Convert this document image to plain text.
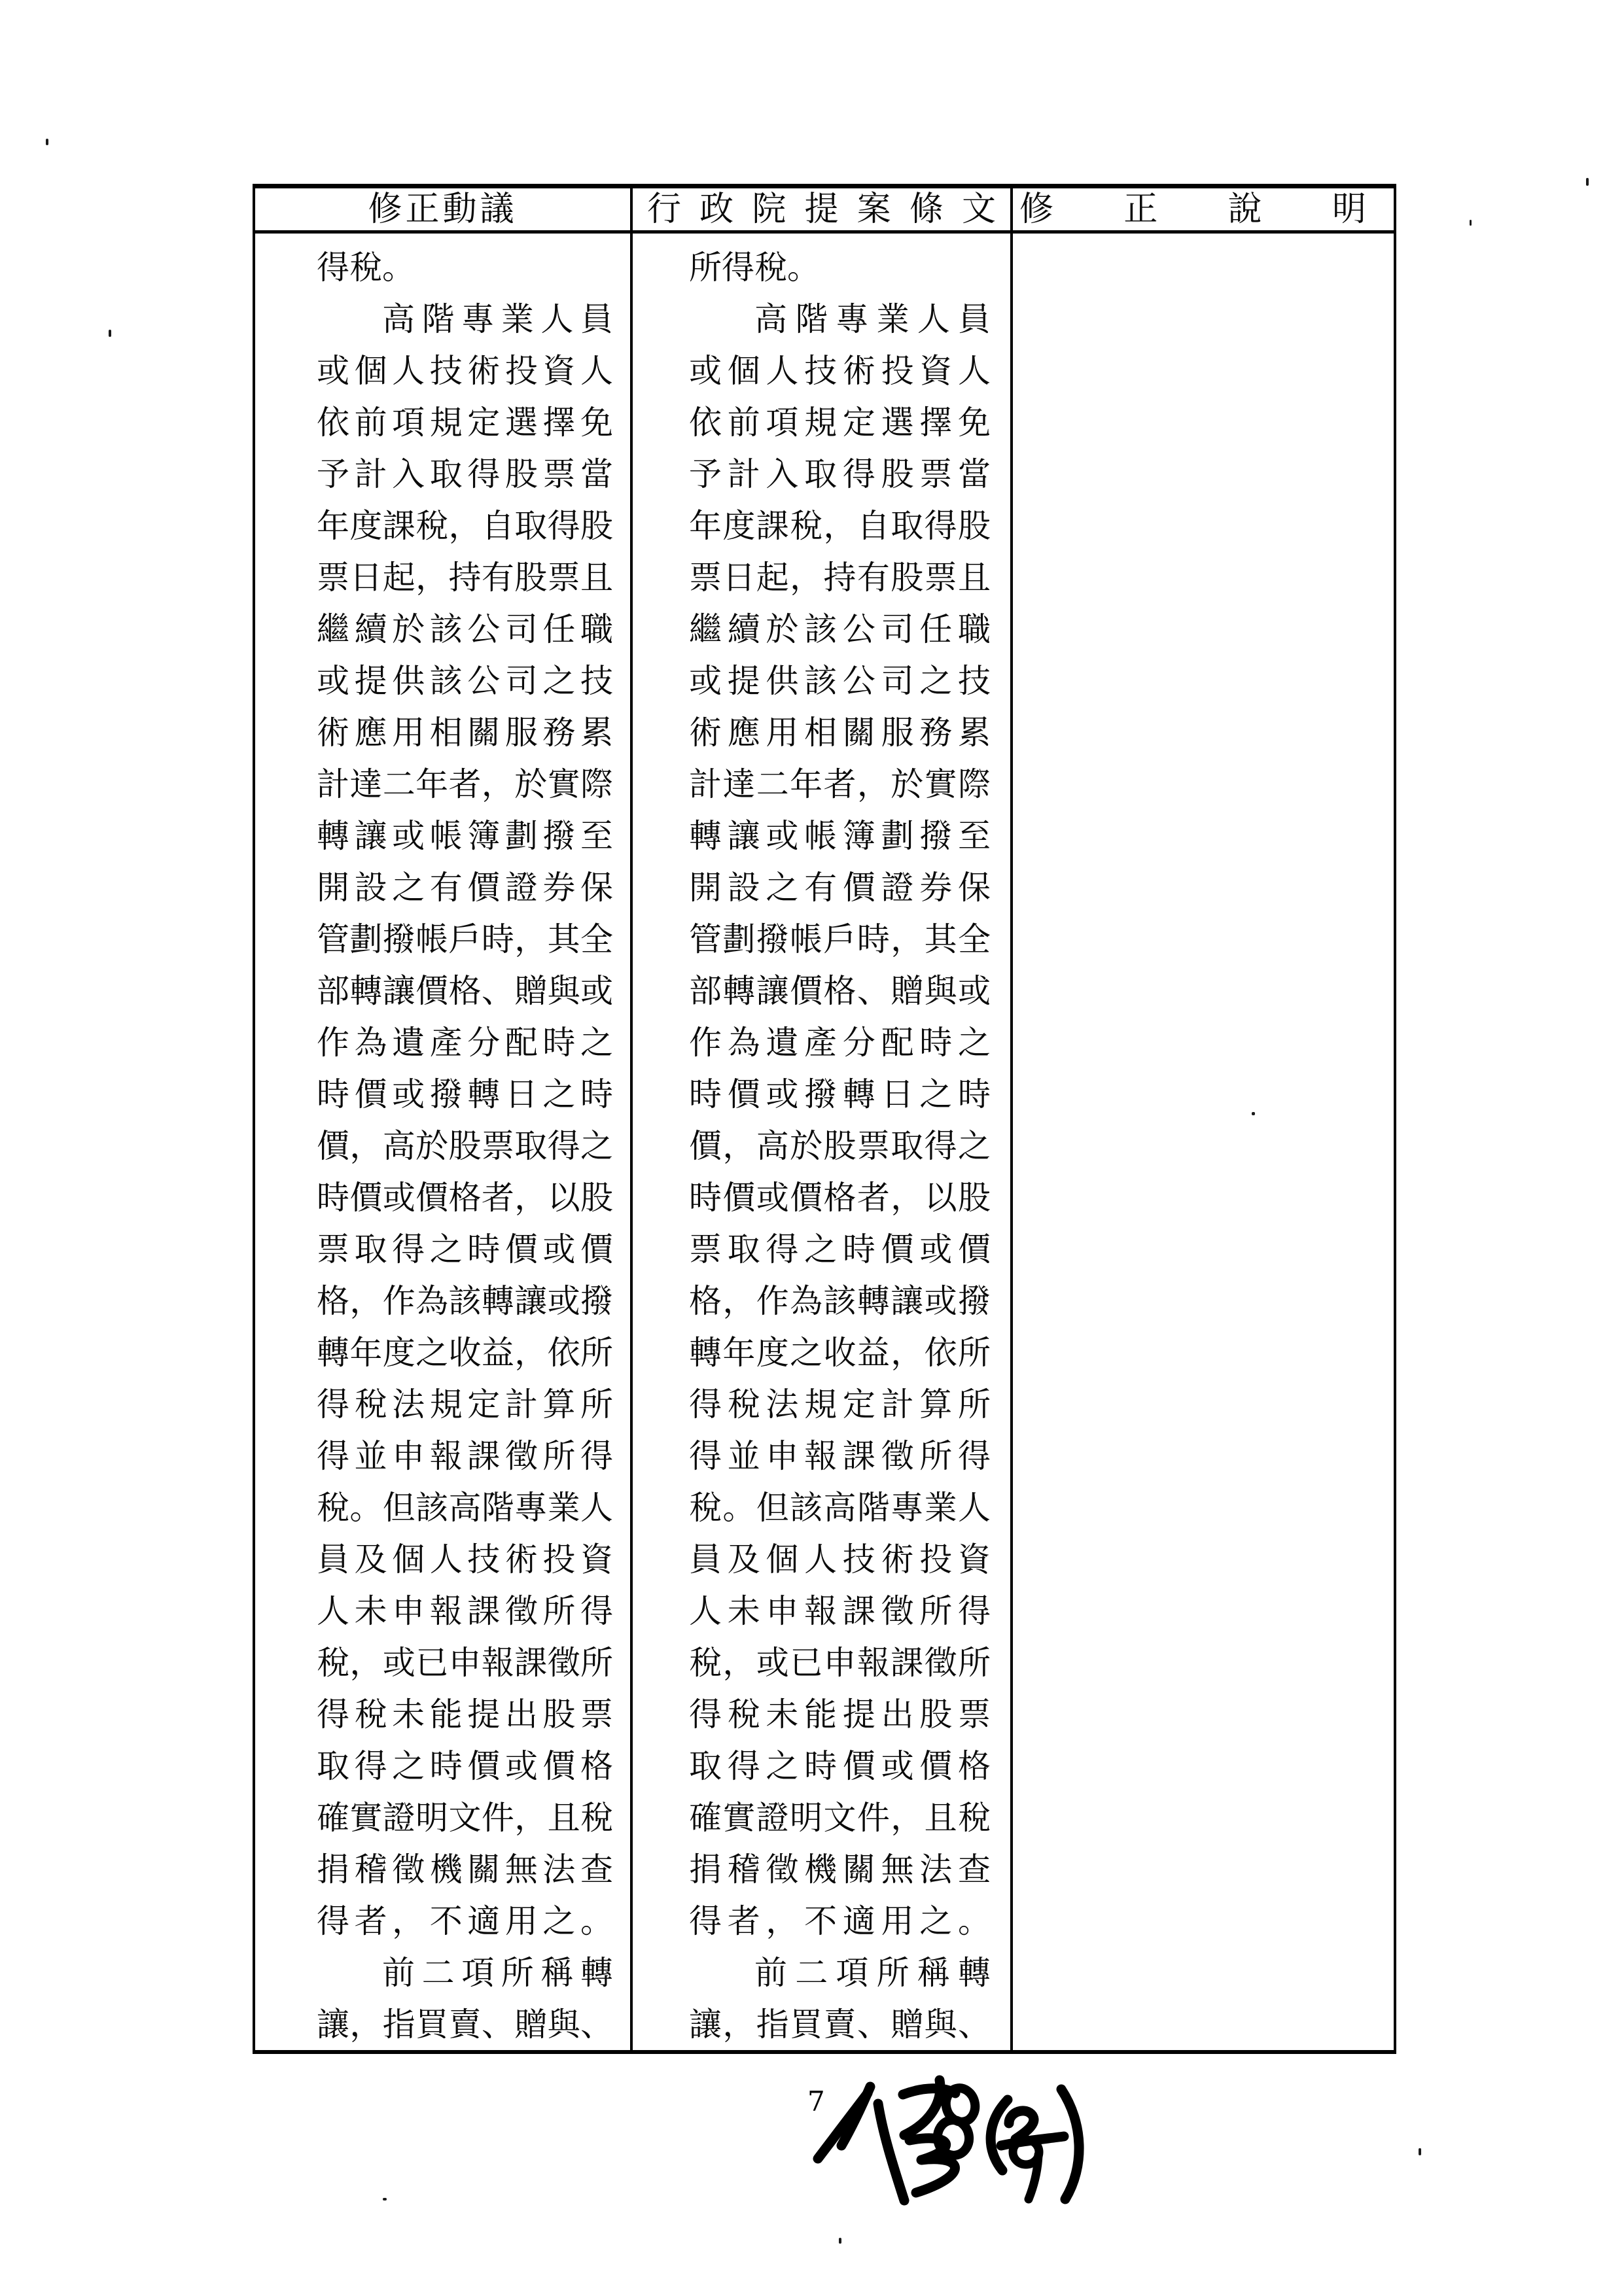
修正動議	行政院提案條文 修正說明
得稅。
高階專業人員
或個人技術投資人
依前項規定選擇免
予計入取得股票當
年度課稅，自取得股
票日起，持有股票且
繼續於該公司任職
或提供該公司之技
術應用相關服務累
計達二年者，於實際
轉讓或帳簿劃撥至
開設之有價證券保
管劃撥帳戶時，其全
部轉讓價格、贈與或
作為遺產分配時之
時價或撥轉日之時
價，高於股票取得之
時價或價格者，以股
票取得之時價或價
格，作為該轉讓或撥
轉年度之收益，依所
得稅法規定計算所
得並申報課徵所得
稅。但該高階專業人
員及個人技術投資
人未申報課徵所得
稅，或已申報課徵所
得稅未能提出股票
取得之時價或價格
確實證明文件，且稅
捐稽徵機關無法查
得者，不適用之。
前二項所稱轉
讓，指買賣、贈與、
所得稅。
高階專業人員
或個人技術投資人
依前項規定選擇免
予計入取得股票當
年度課稅，自取得股
票日起，持有股票且
繼續於該公司任職
或提供該公司之技
術應用相關服務累
計達二年者，於實際
轉讓或帳簿劃撥至
開設之有價證券保
管劃撥帳戶時，其全
部轉讓價格、贈與或
作為遺產分配時之
時價或撥轉日之時
價，高於股票取得之
時價或價格者，以股
票取得之時價或價
格，作為該轉讓或撥
轉年度之收益，依所
得稅法規定計算所
得並申報課徵所得
稅。但該高階專業人
員及個人技術投資
人未申報課徵所得
稅，或已申報課徵所
得稅未能提出股票
取得之時價或價格
確實證明文件，且稅
捐稽徵機關無法查
得者，不適用之。
前二項所稱轉
讓，指買賣、贈與、
7
